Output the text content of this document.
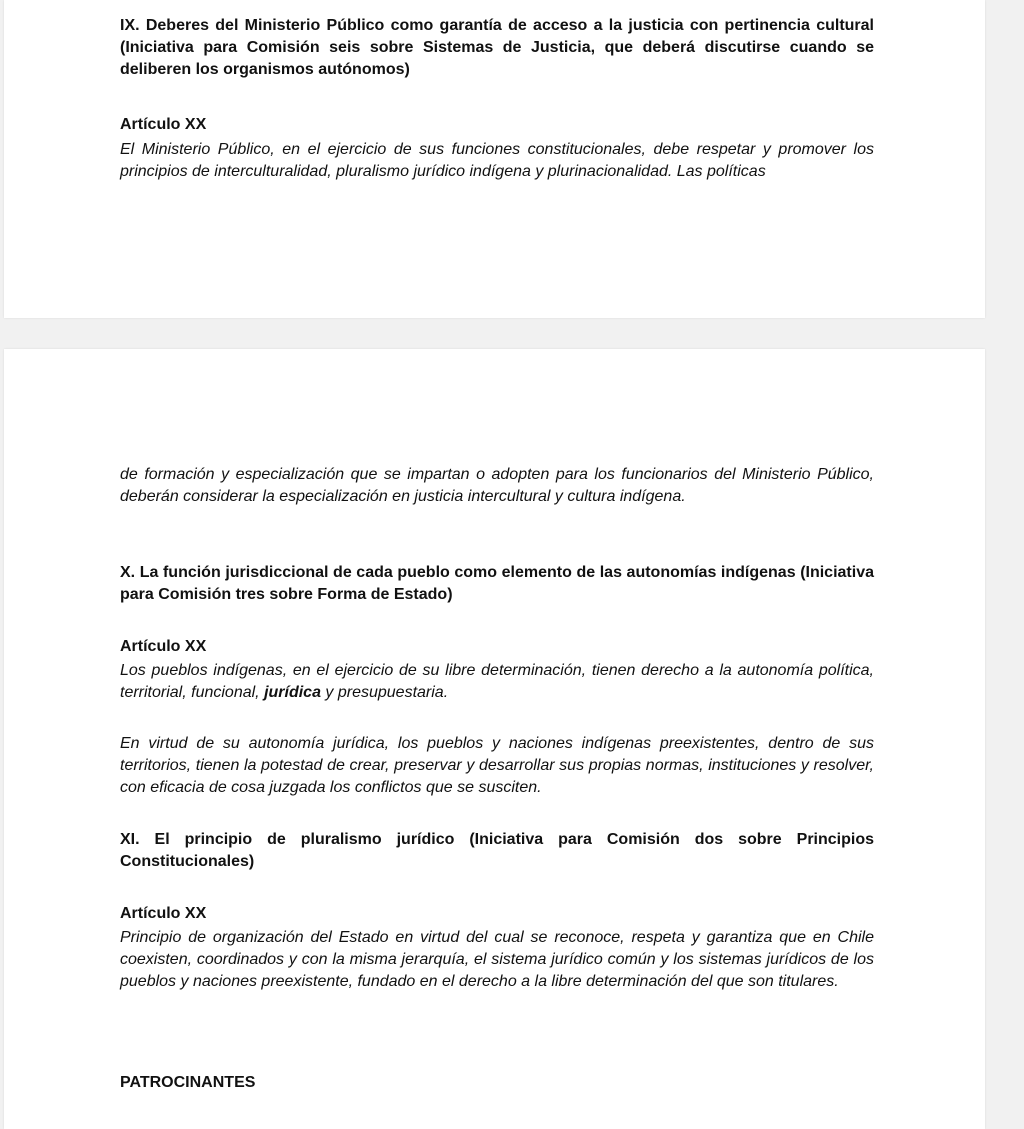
IX. Deberes del Ministerio Público como garantía de acceso a la justicia con pertinencia cultural (Iniciativa para Comisión seis sobre Sistemas de Justicia, que deberá discutirse cuando se deliberen los organismos autónomos)

Artículo XX

El Ministerio Público, en el ejercicio de sus funciones constitucionales, debe respetar y promover los principios de interculturalidad, pluralismo jurídico indígena y plurinacionalidad. Las políticas

de formación y especialización que se impartan o adopten para los funcionarios del Ministerio Público, deberán considerar la especialización en justicia intercultural y cultura indígena.

X. La función jurisdiccional de cada pueblo como elemento de las autonomías indígenas (Iniciativa para Comisión tres sobre Forma de Estado)

Artículo XX

Los pueblos indígenas, en el ejercicio de su libre determinación, tienen derecho a la autonomía política, territorial, funcional, jurídica y presupuestaria.

En virtud de su autonomía jurídica, los pueblos y naciones indígenas preexistentes, dentro de sus territorios, tienen la potestad de crear, preservar y desarrollar sus propias normas, instituciones y resolver, con eficacia de cosa juzgada los conflictos que se susciten.

XI. El principio de pluralismo jurídico (Iniciativa para Comisión dos sobre Principios Constitucionales)

Artículo XX

Principio de organización del Estado en virtud del cual se reconoce, respeta y garantiza que en Chile coexisten, coordinados y con la misma jerarquía, el sistema jurídico común y los sistemas jurídicos de los pueblos y naciones preexistente, fundado en el derecho a la libre determinación del que son titulares.

PATROCINANTES
